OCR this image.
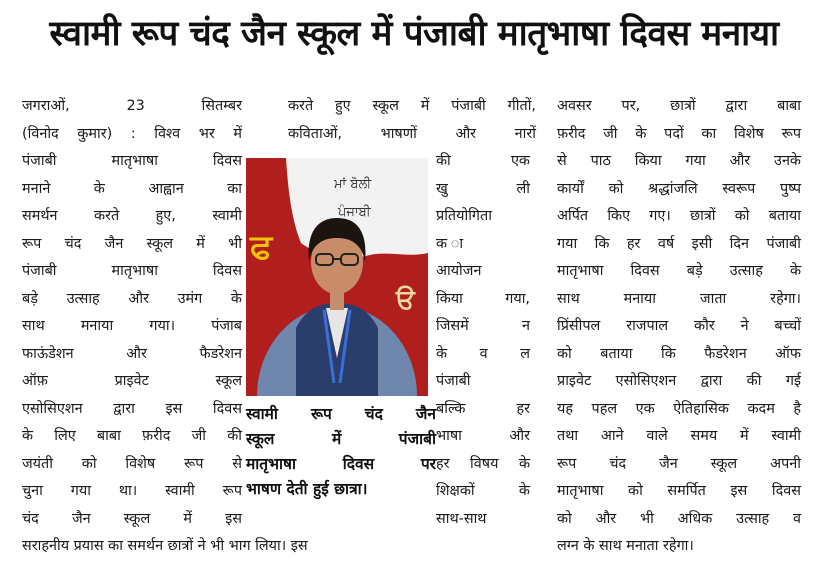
स्वामी रूप चंद जैन स्कूल में पंजाबी मातृभाषा दिवस मनाया
जगराओं, 23 सितम्बर
(विनोद कुमार) : विश्व भर में
पंजाबी मातृभाषा दिवस
मनाने के आह्वान का
समर्थन करते हुए, स्वामी
रूप चंद जैन स्कूल में भी
पंजाबी मातृभाषा दिवस
बड़े उत्साह और उमंग के
साथ मनाया गया। पंजाब
फाऊंडेशन और फैडरेशन
ऑफ़ प्राइवेट स्कूल
एसोसिएशन द्वारा इस दिवस
के लिए बाबा फ़रीद जी की
जयंती को विशेष रूप से
चुना गया था। स्वामी रूप
चंद जैन स्कूल में इस
करते हुए स्कूल में पंजाबी गीतों,
कविताओं, भाषणों और नारों
की एक
खु ली
प्रतियोगिता
क ा
आयोजन
किया गया,
जिसमें न
के व ल
पंजाबी
बल्कि हर
भाषा और
हर विषय के
शिक्षकों के
साथ-साथ
अवसर पर, छात्रों द्वारा बाबा
फ़रीद जी के पदों का विशेष रूप
से पाठ किया गया और उनके
कार्यों को श्रद्धांजलि स्वरूप पुष्प
अर्पित किए गए। छात्रों को बताया
गया कि हर वर्ष इसी दिन पंजाबी
मातृभाषा दिवस बड़े उत्साह के
साथ मनाया जाता रहेगा।
प्रिंसीपल राजपाल कौर ने बच्चों
को बताया कि फैडरेशन ऑफ
प्राइवेट एसोसिएशन द्वारा की गई
यह पहल एक ऐतिहासिक कदम है
तथा आने वाले समय में स्वामी
रूप चंद जैन स्कूल अपनी
मातृभाषा को समर्पित इस दिवस
को और भी अधिक उत्साह व
लग्न के साथ मनाता रहेगा।
सराहनीय प्रयास का समर्थन छात्रों ने भी भाग लिया। इस
ਮਾਂ ਬੋਲੀ
ਪੰਜਾਬੀ
ਫ
ੳ
स्वामी रूप चंद जैन
स्कूल में पंजाबी
मातृभाषा दिवस पर
भाषण देती हुई छात्रा।
